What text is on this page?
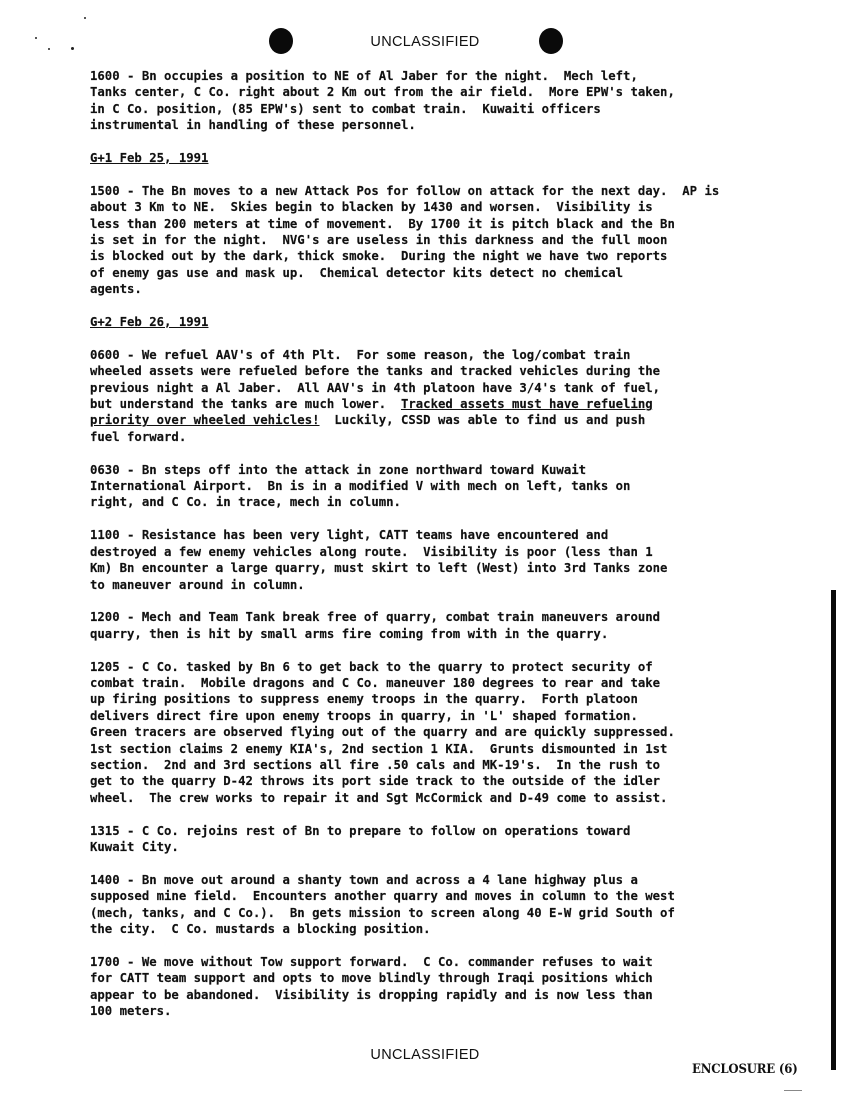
UNCLASSIFIED

1600 - Bn occupies a position to NE of Al Jaber for the night.  Mech left,
Tanks center, C Co. right about 2 Km out from the air field.  More EPW's taken,
in C Co. position, (85 EPW's) sent to combat train.  Kuwaiti officers
instrumental in handling of these personnel.

G+1 Feb 25, 1991

1500 - The Bn moves to a new Attack Pos for follow on attack for the next day.  AP is
about 3 Km to NE.  Skies begin to blacken by 1430 and worsen.  Visibility is
less than 200 meters at time of movement.  By 1700 it is pitch black and the Bn
is set in for the night.  NVG's are useless in this darkness and the full moon
is blocked out by the dark, thick smoke.  During the night we have two reports
of enemy gas use and mask up.  Chemical detector kits detect no chemical
agents.

G+2 Feb 26, 1991

0600 - We refuel AAV's of 4th Plt.  For some reason, the log/combat train
wheeled assets were refueled before the tanks and tracked vehicles during the
previous night a Al Jaber.  All AAV's in 4th platoon have 3/4's tank of fuel,
but understand the tanks are much lower.  Tracked assets must have refueling
priority over wheeled vehicles!  Luckily, CSSD was able to find us and push
fuel forward.

0630 - Bn steps off into the attack in zone northward toward Kuwait
International Airport.  Bn is in a modified V with mech on left, tanks on
right, and C Co. in trace, mech in column.

1100 - Resistance has been very light, CATT teams have encountered and
destroyed a few enemy vehicles along route.  Visibility is poor (less than 1
Km) Bn encounter a large quarry, must skirt to left (West) into 3rd Tanks zone
to maneuver around in column.

1200 - Mech and Team Tank break free of quarry, combat train maneuvers around
quarry, then is hit by small arms fire coming from with in the quarry.

1205 - C Co. tasked by Bn 6 to get back to the quarry to protect security of
combat train.  Mobile dragons and C Co. maneuver 180 degrees to rear and take
up firing positions to suppress enemy troops in the quarry.  Forth platoon
delivers direct fire upon enemy troops in quarry, in 'L' shaped formation.
Green tracers are observed flying out of the quarry and are quickly suppressed.
1st section claims 2 enemy KIA's, 2nd section 1 KIA.  Grunts dismounted in 1st
section.  2nd and 3rd sections all fire .50 cals and MK-19's.  In the rush to
get to the quarry D-42 throws its port side track to the outside of the idler
wheel.  The crew works to repair it and Sgt McCormick and D-49 come to assist.

1315 - C Co. rejoins rest of Bn to prepare to follow on operations toward
Kuwait City.

1400 - Bn move out around a shanty town and across a 4 lane highway plus a
supposed mine field.  Encounters another quarry and moves in column to the west
(mech, tanks, and C Co.).  Bn gets mission to screen along 40 E-W grid South of
the city.  C Co. mustards a blocking position.

1700 - We move without Tow support forward.  C Co. commander refuses to wait
for CATT team support and opts to move blindly through Iraqi positions which
appear to be abandoned.  Visibility is dropping rapidly and is now less than
100 meters.

UNCLASSIFIED
ENCLOSURE (6)
